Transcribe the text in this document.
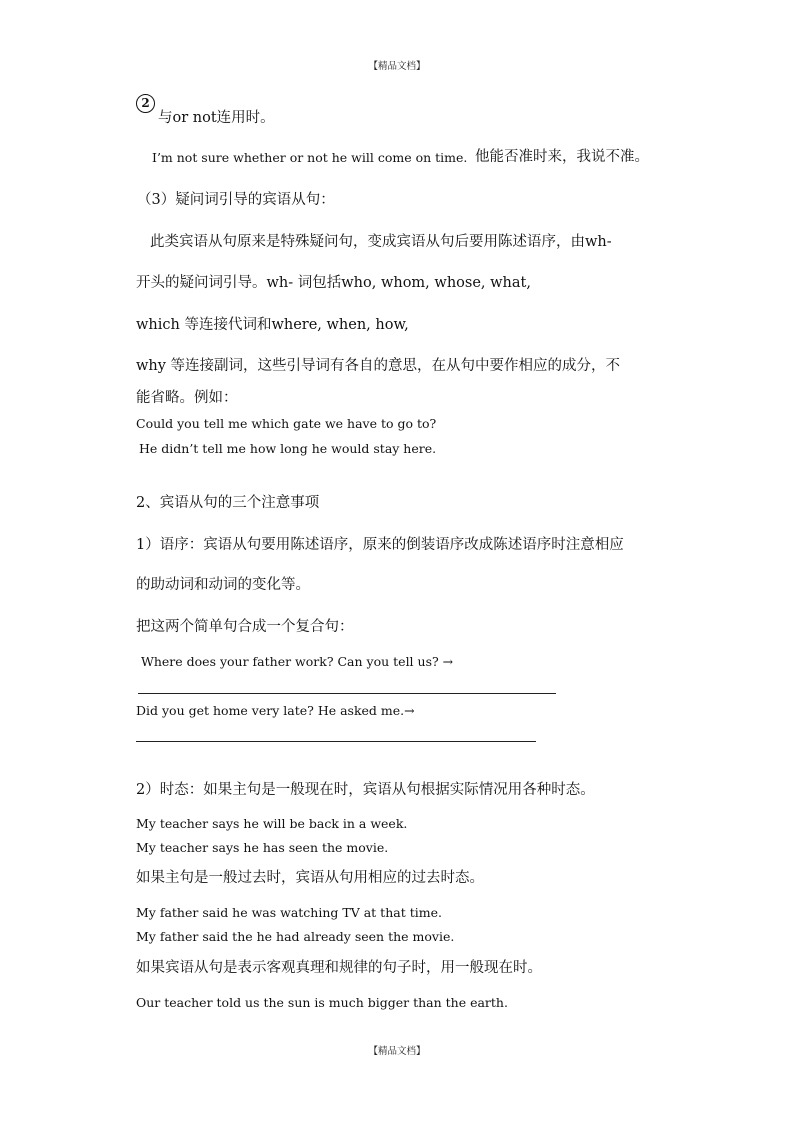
【精品文档】
2
与or not连用时。
I’m not sure whether or not he will come on time. 他能否准时来，我说不准。
（3）疑问词引导的宾语从句：
此类宾语从句原来是特殊疑问句，变成宾语从句后要用陈述语序，由wh-
开头的疑问词引导。wh- 词包括who, whom, whose, what,
which 等连接代词和where, when, how,
why 等连接副词，这些引导词有各自的意思，在从句中要作相应的成分，不
能省略。例如：
Could you tell me which gate we have to go to?
He didn’t tell me how long he would stay here.
2、宾语从句的三个注意事项
1）语序：宾语从句要用陈述语序，原来的倒装语序改成陈述语序时注意相应
的助动词和动词的变化等。
把这两个简单句合成一个复合句：
Where does your father work? Can you tell us? →
Did you get home very late? He asked me.→
2）时态：如果主句是一般现在时，宾语从句根据实际情况用各种时态。
My teacher says he will be back in a week.
My teacher says he has seen the movie.
如果主句是一般过去时，宾语从句用相应的过去时态。
My father said he was watching TV at that time.
My father said the he had already seen the movie.
如果宾语从句是表示客观真理和规律的句子时，用一般现在时。
Our teacher told us the sun is much bigger than the earth.
【精品文档】
